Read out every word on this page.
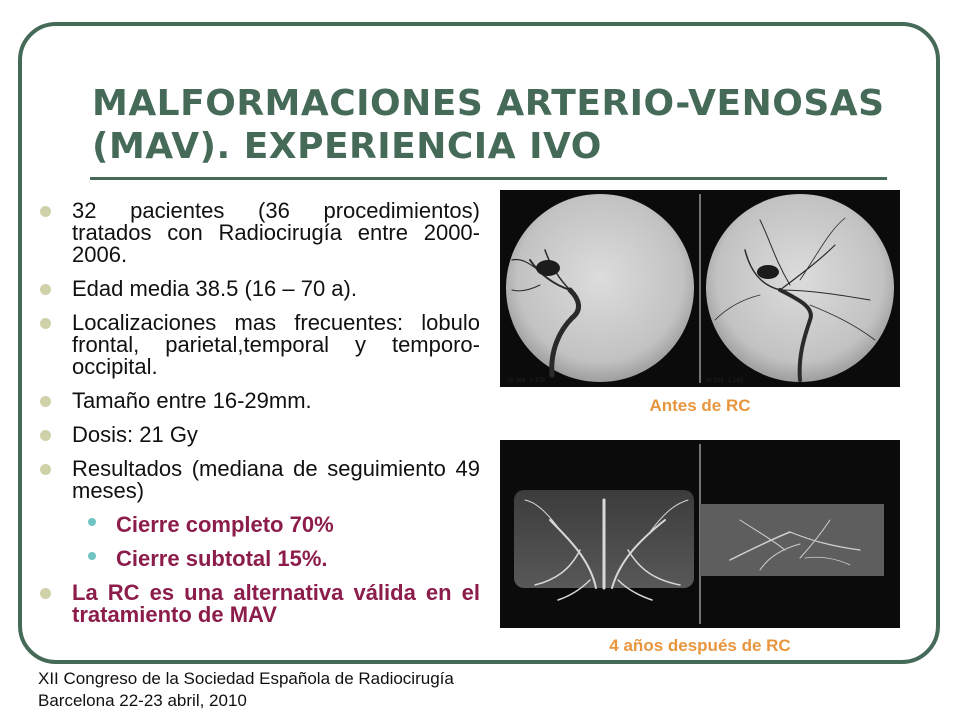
MALFORMACIONES ARTERIO-VENOSAS (MAV). EXPERIENCIA IVO
32 pacientes (36 procedimientos) tratados con Radiocirugía entre 2000-2006.
Edad media 38.5 (16 – 70 a).
Localizaciones mas frecuentes: lobulo frontal, parietal,temporal y temporo-occipital.
Tamaño entre 16-29mm.
Dosis: 21 Gy
Resultados (mediana de seguimiento 49 meses)
Cierre completo 70%
Cierre subtotal 15%.
La RC es una alternativa válida en el tratamiento de MAV
W 169 : L 178	W 204 : L 145
Antes de RC
4 años después de RC
XII Congreso de la Sociedad Española de Radiocirugía
Barcelona 22-23 abril, 2010
